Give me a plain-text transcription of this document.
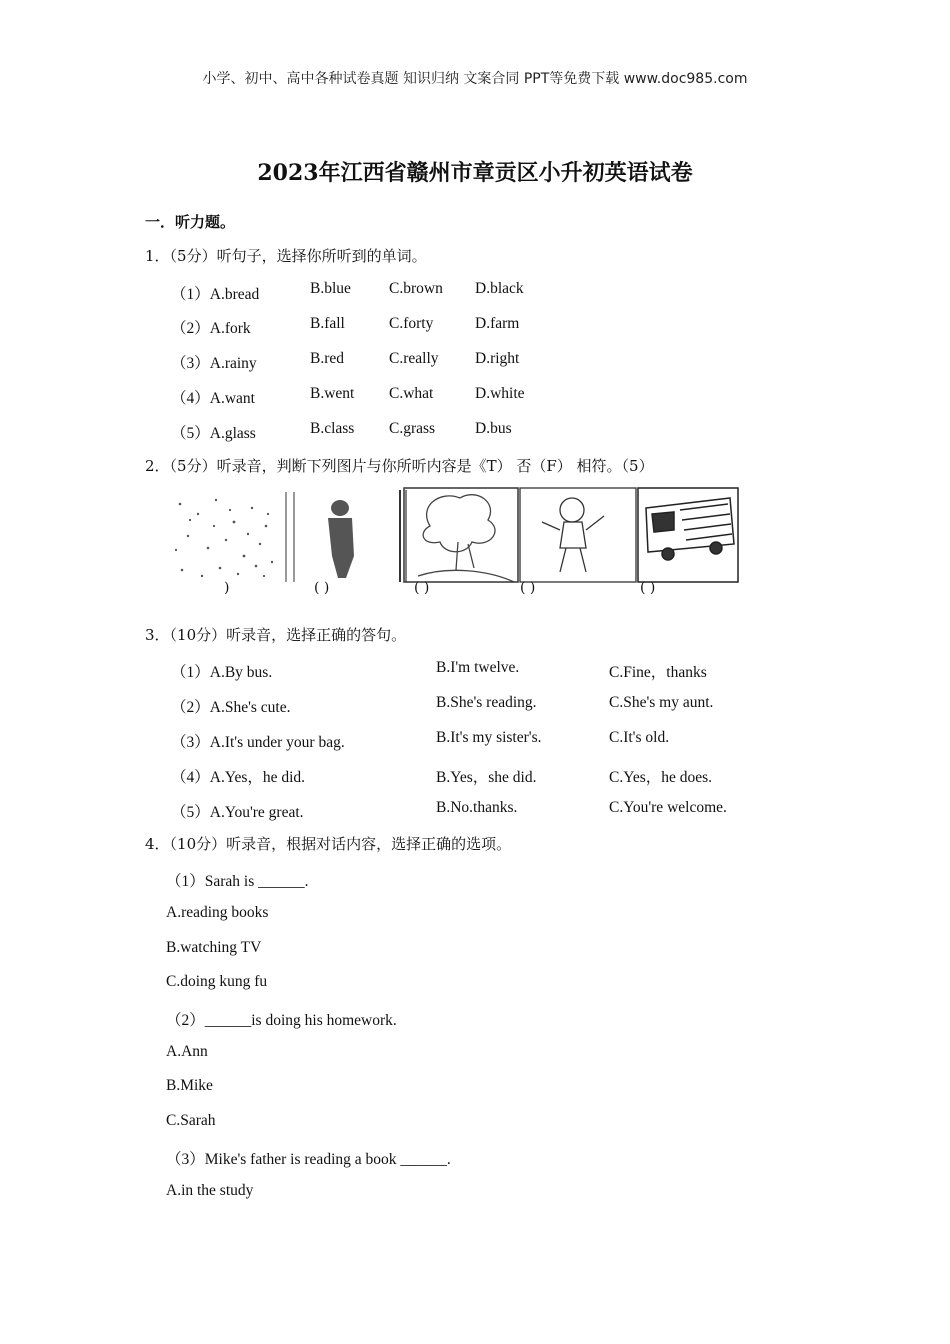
小学、初中、高中各种试卷真题 知识归纳 文案合同 PPT等免费下载 www.doc985.com
2023年江西省赣州市章贡区小升初英语试卷
一．听力题。
1．（5分）听句子，选择你所听到的单词。
（1）A.bread	B.blue C.brown D.black
（2）A.fork	B.fall	C.forty	D.farm
（3）A.rainy	B.red	C.really D.right
（4）A.want	B.went C.what	D.white
（5）A.glass	B.class C.grass	D.bus
2．（5分）听录音，判断下列图片与你所听内容是《T） 否（F） 相符。（5）
)	( )	( )	( )	( )
3．（10分）听录音，选择正确的答句。
（1）A.By bus.	B.I'm twelve.	C.Fine，thanks
（2）A.She's cute.	B.She's reading.	C.She's my aunt.
（3）A.It's under your bag.	B.It's my sister's.	C.It's old.
（4）A.Yes，he did.	B.Yes，she did.	C.Yes，he does.
（5）A.You're great.	B.No.thanks.	C.You're welcome.
4．（10分）听录音，根据对话内容，选择正确的选项。
（1）Sarah is ______.
A.reading books
B.watching TV
C.doing kung fu
（2）______is doing his homework.
A.Ann
B.Mike
C.Sarah
（3）Mike's father is reading a book ______.
A.in the study
